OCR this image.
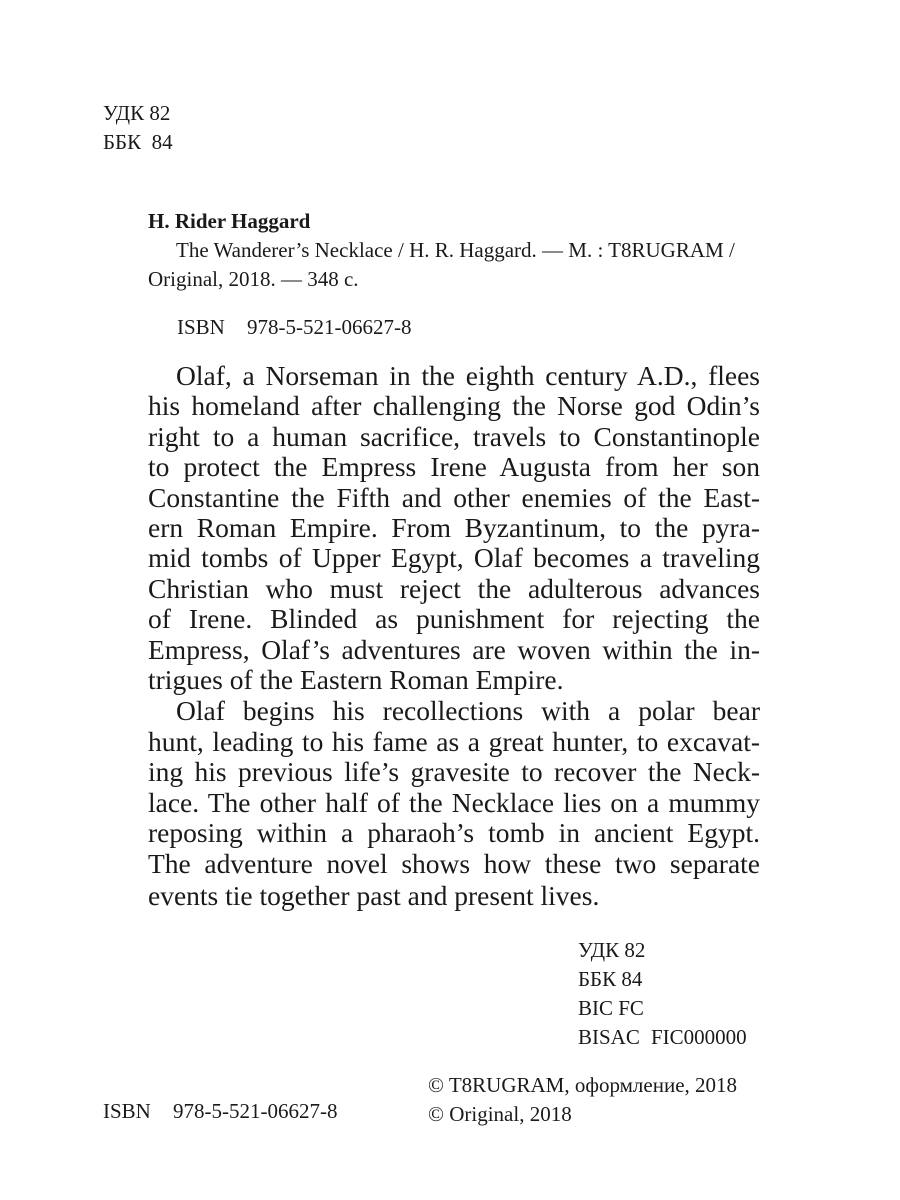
УДК 82
ББК  84
H. Rider Haggard
The Wanderer’s Necklace / H. R. Haggard. — M. : T8RUGRAM /
Original, 2018. — 348 c.
ISBN 978-5-521-06627-8
Olaf, a Norseman in the eighth century A.D., flees
his homeland after challenging the Norse god Odin’s
right to a human sacrifice, travels to Constantinople
to protect the Empress Irene Augusta from her son
Constantine the Fifth and other enemies of the East-
ern Roman Empire. From Byzantinum, to the pyra-
mid tombs of Upper Egypt, Olaf becomes a traveling
Christian who must reject the adulterous advances
of Irene. Blinded as punishment for rejecting the
Empress, Olaf’s adventures are woven within the in-
trigues of the Eastern Roman Empire.
Olaf begins his recollections with a polar bear
hunt, leading to his fame as a great hunter, to excavat-
ing his previous life’s gravesite to recover the Neck-
lace. The other half of the Necklace lies on a mummy
reposing within a pharaoh’s tomb in ancient Egypt.
The adventure novel shows how these two separate
events tie together past and present lives.
УДК 82
ББК 84
BIC FC
BISAC FIC000000
© T8RUGRAM, оформление, 2018
© Original, 2018
ISBN 978-5-521-06627-8
